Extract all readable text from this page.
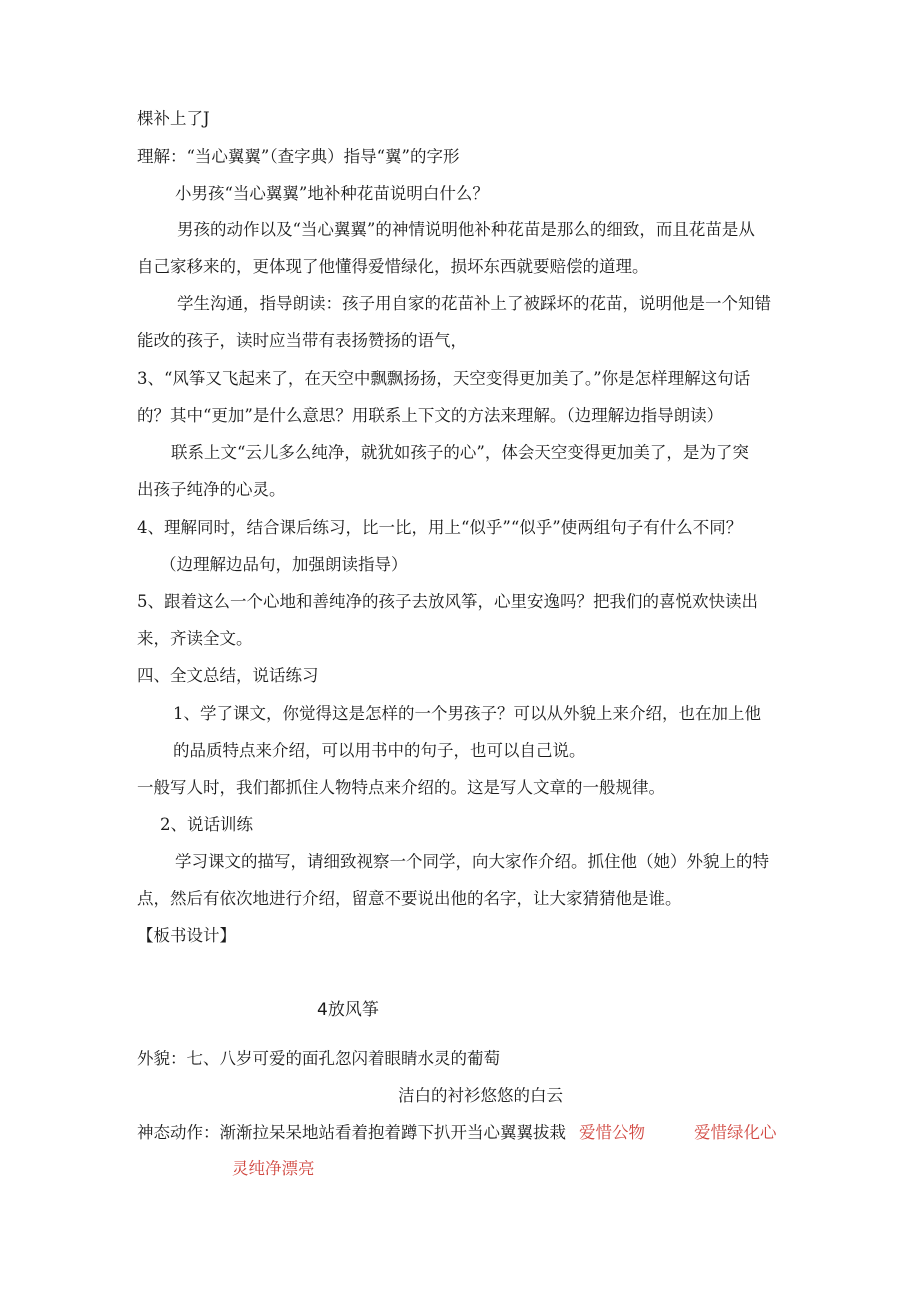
棵补上了J
理解：“当心翼翼”（查字典）指导“翼”的字形
小男孩“当心翼翼”地补种花苗说明白什么？
男孩的动作以及“当心翼翼”的神情说明他补种花苗是那么的细致，而且花苗是从
自己家移来的，更体现了他懂得爱惜绿化，损坏东西就要赔偿的道理。
学生沟通，指导朗读：孩子用自家的花苗补上了被踩坏的花苗，说明他是一个知错
能改的孩子，读时应当带有表扬赞扬的语气，
3、“风筝又飞起来了，在天空中飘飘扬扬，天空变得更加美了。”你是怎样理解这句话
的？其中“更加”是什么意思？用联系上下文的方法来理解。（边理解边指导朗读）
联系上文“云儿多么纯净，就犹如孩子的心”，体会天空变得更加美了，是为了突
出孩子纯净的心灵。
4、理解同时，结合课后练习，比一比，用上“似乎”“似乎”使两组句子有什么不同？
（边理解边品句，加强朗读指导）
5、跟着这么一个心地和善纯净的孩子去放风筝，心里安逸吗？把我们的喜悦欢快读出
来，齐读全文。
四、全文总结，说话练习
1、学了课文，你觉得这是怎样的一个男孩子？可以从外貌上来介绍，也在加上他
的品质特点来介绍，可以用书中的句子，也可以自己说。
一般写人时，我们都抓住人物特点来介绍的。这是写人文章的一般规律。
2、说话训练
学习课文的描写，请细致视察一个同学，向大家作介绍。抓住他（她）外貌上的特
点，然后有依次地进行介绍，留意不要说出他的名字，让大家猜猜他是谁。
【板书设计】
4放风筝
外貌：七、八岁可爱的面孔忽闪着眼睛水灵的葡萄
洁白的衬衫悠悠的白云
神态动作：渐渐拉呆呆地站看着抱着蹲下扒开当心翼翼拔栽 爱惜公物	爱惜绿化心
灵纯净漂亮
